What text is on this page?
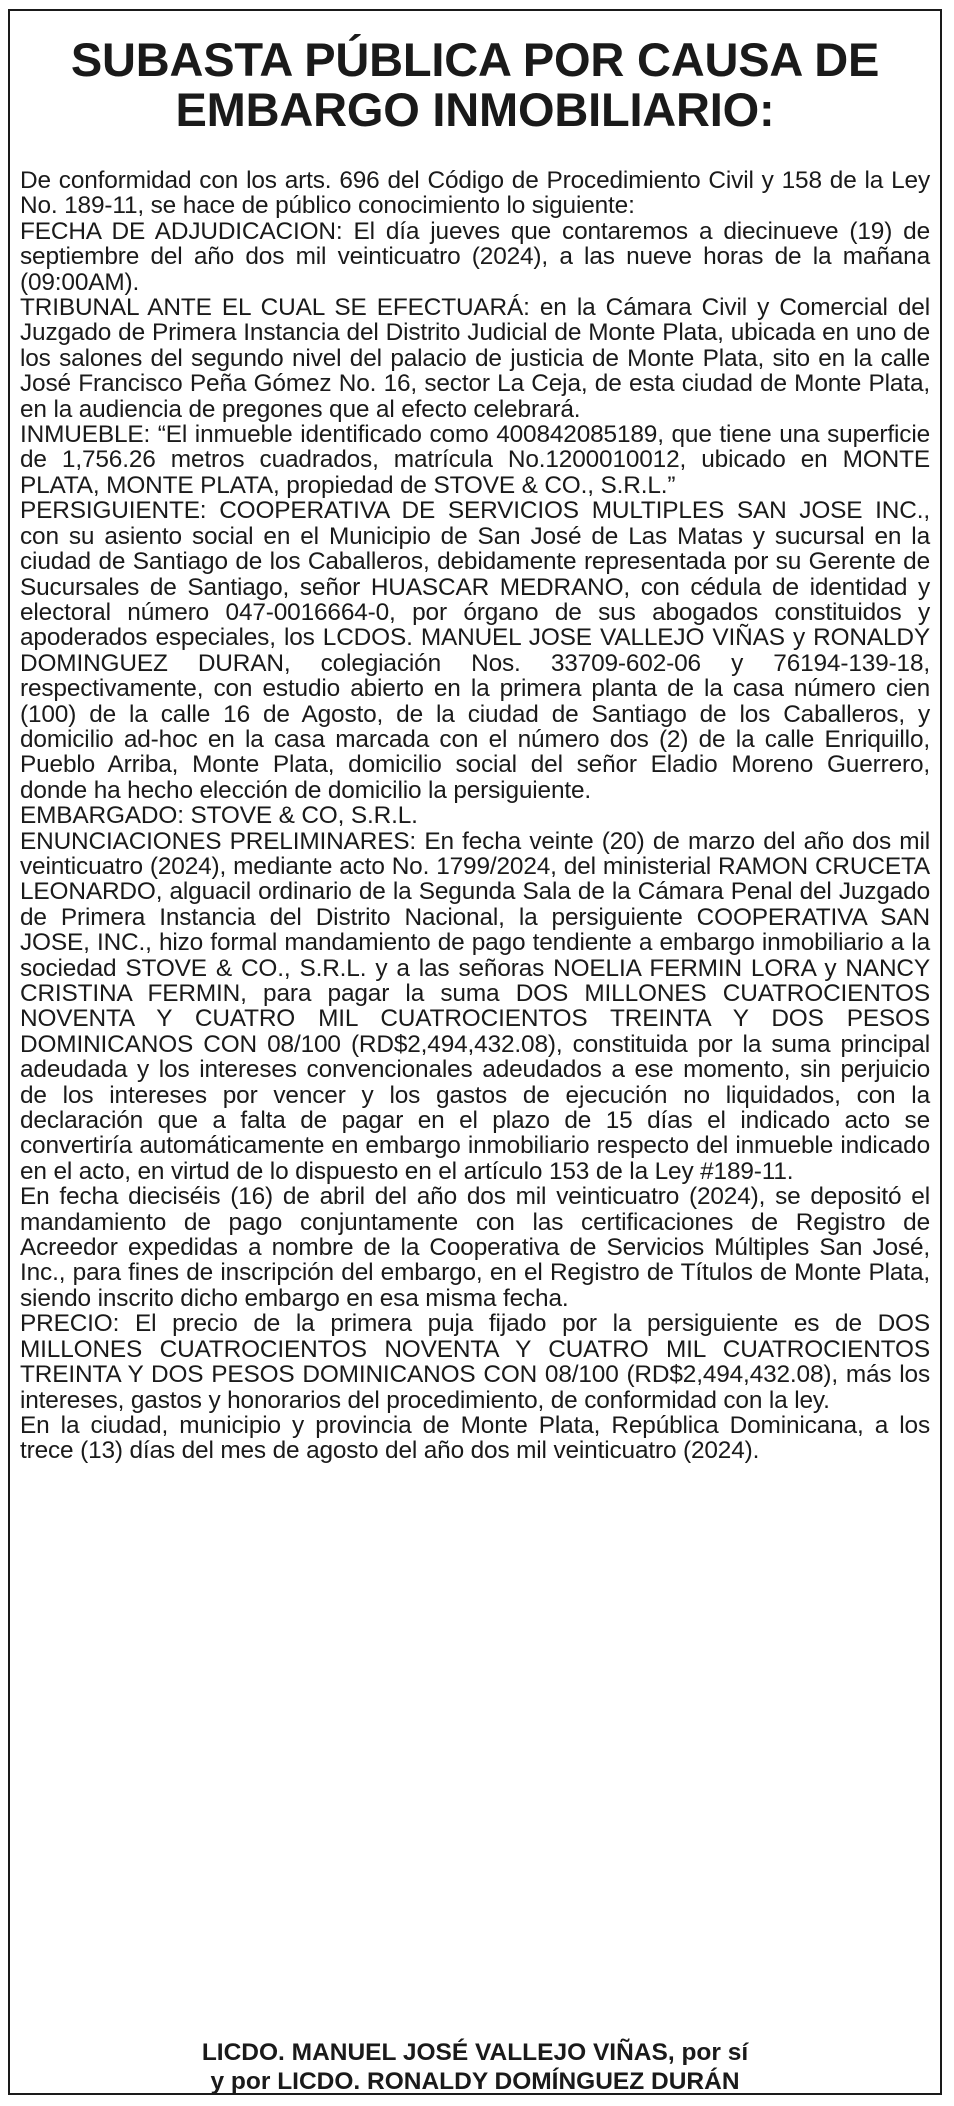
SUBASTA PÚBLICA POR CAUSA DE
EMBARGO INMOBILIARIO:

De conformidad con los arts. 696 del Código de Procedimiento Civil y 158 de la Ley No. 189-11, se hace de público conocimiento lo siguiente:

FECHA DE ADJUDICACION: El día jueves que contaremos a diecinueve (19) de septiembre del año dos mil veinticuatro (2024), a las nueve horas de la mañana (09:00AM).

TRIBUNAL ANTE EL CUAL SE EFECTUARÁ: en la Cámara Civil y Comercial del Juzgado de Primera Instancia del Distrito Judicial de Monte Plata, ubicada en uno de los salones del segundo nivel del palacio de justicia de Monte Plata, sito en la calle José Francisco Peña Gómez No. 16, sector La Ceja, de esta ciudad de Monte Plata, en la audiencia de pregones que al efecto celebrará.

INMUEBLE: “El inmueble identificado como 400842085189, que tiene una superficie de 1,756.26 metros cuadrados, matrícula No.1200010012, ubicado en MONTE PLATA, MONTE PLATA, propiedad de STOVE & CO., S.R.L.”

PERSIGUIENTE: COOPERATIVA DE SERVICIOS MULTIPLES SAN JOSE INC., con su asiento social en el Municipio de San José de Las Matas y sucursal en la ciudad de Santiago de los Caballeros, debidamente representada por su Gerente de Sucursales de Santiago, señor HUASCAR MEDRANO, con cédula de identidad y electoral número 047-0016664-0, por órgano de sus abogados constituidos y apoderados especiales, los LCDOS. MANUEL JOSE VALLEJO VIÑAS y RONALDY DOMINGUEZ DURAN, colegiación Nos. 33709-602-06 y 76194-139-18, respectivamente, con estudio abierto en la primera planta de la casa número cien (100) de la calle 16 de Agosto, de la ciudad de Santiago de los Caballeros, y domicilio ad-hoc en la casa marcada con el número dos (2) de la calle Enriquillo, Pueblo Arriba, Monte Plata, domicilio social del señor Eladio Moreno Guerrero, donde ha hecho elección de domicilio la persiguiente.

EMBARGADO: STOVE & CO, S.R.L.

ENUNCIACIONES PRELIMINARES: En fecha veinte (20) de marzo del año dos mil veinticuatro (2024), mediante acto No. 1799/2024, del ministerial RAMON CRUCETA LEONARDO, alguacil ordinario de la Segunda Sala de la Cámara Penal del Juzgado de Primera Instancia del Distrito Nacional, la persiguiente COOPERATIVA SAN JOSE, INC., hizo formal mandamiento de pago tendiente a embargo inmobiliario a la sociedad STOVE & CO., S.R.L. y a las señoras NOELIA FERMIN LORA y NANCY CRISTINA FERMIN, para pagar la suma DOS MILLONES CUATROCIENTOS NOVENTA Y CUATRO MIL CUATROCIENTOS TREINTA Y DOS PESOS DOMINICANOS CON 08/100 (RD$2,494,432.08), constituida por la suma principal adeudada y los intereses convencionales adeudados a ese momento, sin perjuicio de los intereses por vencer y los gastos de ejecución no liquidados, con la declaración que a falta de pagar en el plazo de 15 días el indicado acto se convertiría automáticamente en embargo inmobiliario respecto del inmueble indicado en el acto, en virtud de lo dispuesto en el artículo 153 de la Ley #189-11.

En fecha dieciséis (16) de abril del año dos mil veinticuatro (2024), se depositó el mandamiento de pago conjuntamente con las certificaciones de Registro de Acreedor expedidas a nombre de la Cooperativa de Servicios Múltiples San José, Inc., para fines de inscripción del embargo, en el Registro de Títulos de Monte Plata, siendo inscrito dicho embargo en esa misma fecha.

PRECIO: El precio de la primera puja fijado por la persiguiente es de DOS MILLONES CUATROCIENTOS NOVENTA Y CUATRO MIL CUATROCIENTOS TREINTA Y DOS PESOS DOMINICANOS CON 08/100 (RD$2,494,432.08), más los intereses, gastos y honorarios del procedimiento, de conformidad con la ley.

En la ciudad, municipio y provincia de Monte Plata, República Dominicana, a los trece (13) días del mes de agosto del año dos mil veinticuatro (2024).

LICDO. MANUEL JOSÉ VALLEJO VIÑAS, por sí
y por LICDO. RONALDY DOMÍNGUEZ DURÁN
